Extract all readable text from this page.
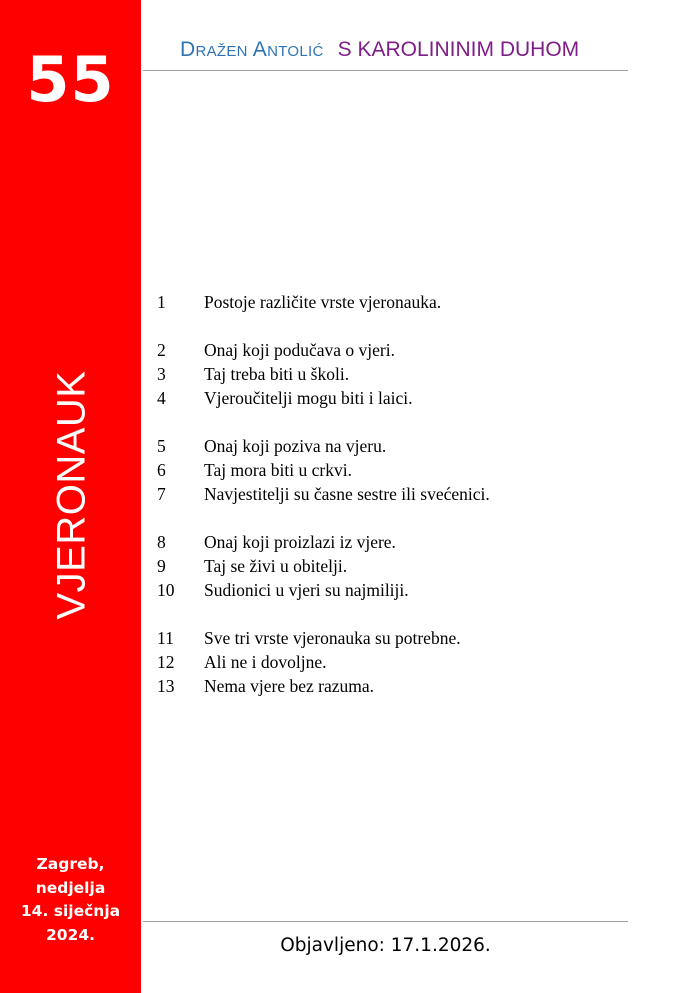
55
VJERONAUK
Zagreb,
nedjelja
14. siječnja
2024.
Dražen Antolić S KAROLININIM DUHOM
1 Postoje različite vrste vjeronauka.
2 Onaj koji podučava o vjeri.
3 Taj treba biti u školi.
4 Vjeroučitelji mogu biti i laici.
5 Onaj koji poziva na vjeru.
6 Taj mora biti u crkvi.
7 Navjestitelji su časne sestre ili svećenici.
8 Onaj koji proizlazi iz vjere.
9 Taj se živi u obitelji.
10 Sudionici u vjeri su najmiliji.
11 Sve tri vrste vjeronauka su potrebne.
12 Ali ne i dovoljne.
13 Nema vjere bez razuma.
Objavljeno: 17.1.2026.
